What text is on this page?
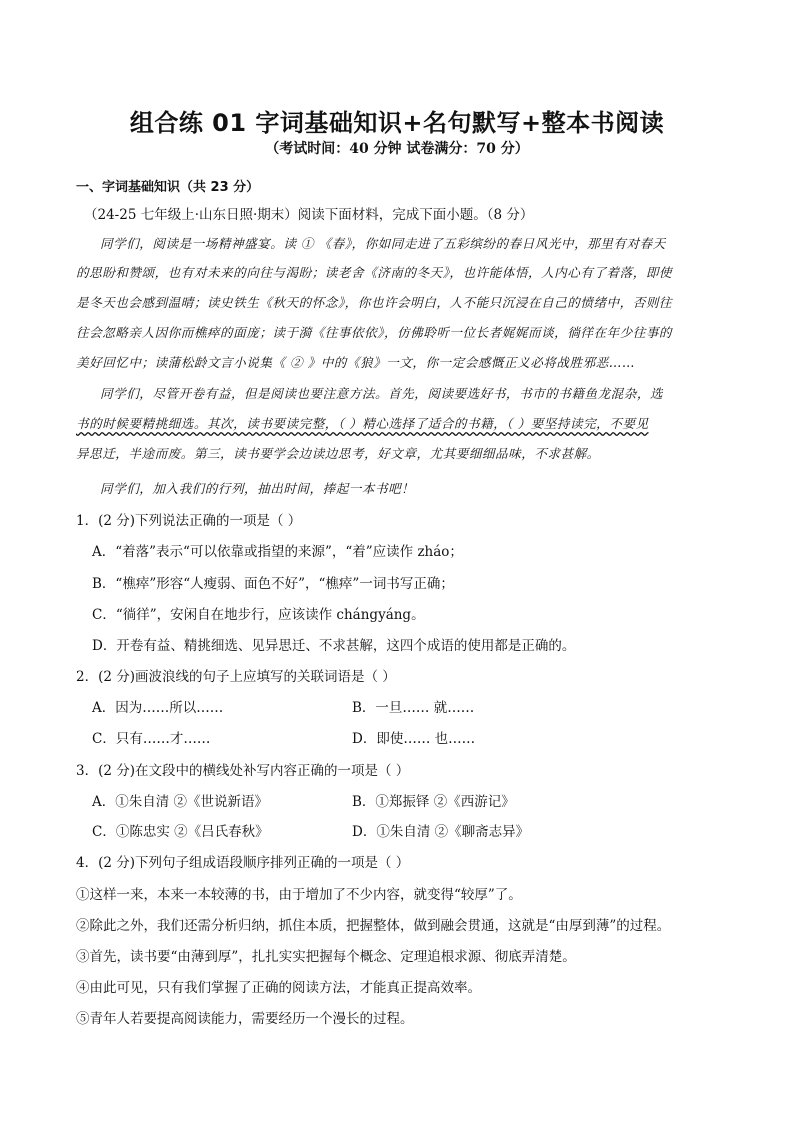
组合练 01 字词基础知识+名句默写+整本书阅读
（考试时间：40 分钟 试卷满分：70 分）
一、字词基础知识（共 23 分）
（24-25 七年级上·山东日照·期末）阅读下面材料，完成下面小题。（8 分）
同学们，阅读是一场精神盛宴。读 ① 《春》，你如同走进了五彩缤纷的春日风光中，那里有对春天
的思盼和赞颂，也有对未来的向往与渴盼；读老舍《济南的冬天》，也许能体悟，人内心有了着落，即使
是冬天也会感到温晴；读史铁生《秋天的怀念》，你也许会明白，人不能只沉浸在自己的愤绪中，否则往
往会忽略亲人因你而樵瘁的面庞；读于漪《往事依依》，仿佛聆听一位长者娓娓而谈，徜徉在年少往事的
美好回忆中；读蒲松龄文言小说集《 ② 》中的《狼》一文，你一定会感慨正义必将战胜邪恶……
同学们，尽管开卷有益，但是阅读也要注意方法。首先，阅读要选好书，书市的书籍鱼龙混杂，选
书的时候要精挑细选。其次，读书要读完整，（ ）精心选择了适合的书籍，（ ）要坚持读完，不要见
异思迁，半途而废。第三，读书要学会边读边思考，好文章，尤其要细细品味，不求甚解。
同学们，加入我们的行列，抽出时间，捧起一本书吧！
1．(2 分)下列说法正确的一项是（ ）
A．“着落”表示“可以依靠或指望的来源”，“着”应读作 zháo；
B．“樵瘁”形容“人瘦弱、面色不好”，“樵瘁”一词书写正确；
C．“徜徉”，安闲自在地步行，应该读作 chángyáng。
D．开卷有益、精挑细选、见异思迁、不求甚解，这四个成语的使用都是正确的。
2．(2 分)画波浪线的句子上应填写的关联词语是（ ）
A．因为……所以……	B．一旦…… 就……
C．只有……才……	D．即使…… 也……
3．(2 分)在文段中的横线处补写内容正确的一项是（ ）
A．①朱自清 ②《世说新语》	B．①郑振铎 ②《西游记》
C．①陈忠实 ②《吕氏春秋》	D．①朱自清 ②《聊斋志异》
4．(2 分)下列句子组成语段顺序排列正确的一项是（ ）
①这样一来，本来一本较薄的书，由于增加了不少内容，就变得“较厚”了。
②除此之外，我们还需分析归纳，抓住本质，把握整体，做到融会贯通，这就是“由厚到薄”的过程。
③首先，读书要“由薄到厚”，扎扎实实把握每个概念、定理追根求源、彻底弄清楚。
④由此可见，只有我们掌握了正确的阅读方法，才能真正提高效率。
⑤青年人若要提高阅读能力，需要经历一个漫长的过程。
